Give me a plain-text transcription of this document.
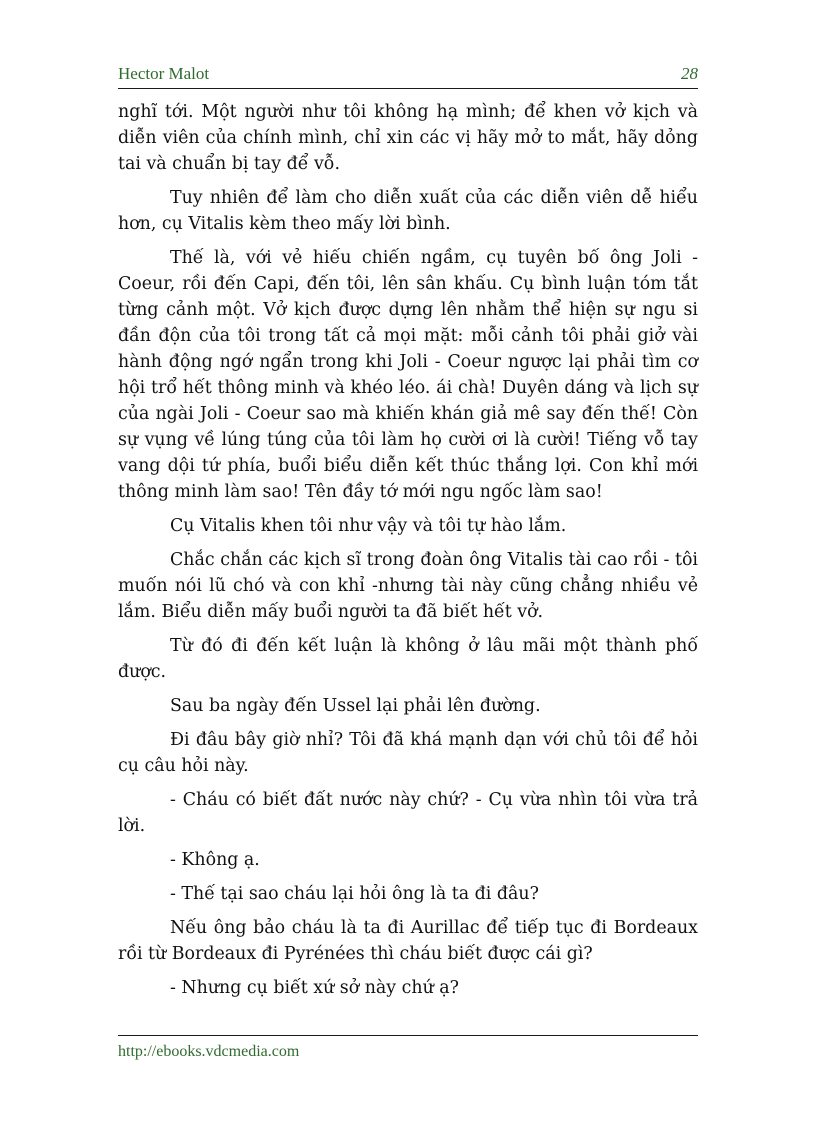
Hector Malot	28

nghĩ tới. Một người như tôi không hạ mình; để khen vở kịch và diễn viên của chính mình, chỉ xin các vị hãy mở to mắt, hãy dỏng tai và chuẩn bị tay để vỗ.

Tuy nhiên để làm cho diễn xuất của các diễn viên dễ hiểu hơn, cụ Vitalis kèm theo mấy lời bình.

Thế là, với vẻ hiếu chiến ngầm, cụ tuyên bố ông Joli - Coeur, rồi đến Capi, đến tôi, lên sân khấu. Cụ bình luận tóm tắt từng cảnh một. Vở kịch được dựng lên nhằm thể hiện sự ngu si đần độn của tôi trong tất cả mọi mặt: mỗi cảnh tôi phải giở vài hành động ngớ ngẩn trong khi Joli - Coeur ngược lại phải tìm cơ hội trổ hết thông minh và khéo léo. ái chà! Duyên dáng và lịch sự của ngài Joli - Coeur sao mà khiến khán giả mê say đến thế! Còn sự vụng về lúng túng của tôi làm họ cười ơi là cười! Tiếng vỗ tay vang dội tứ phía, buổi biểu diễn kết thúc thắng lợi. Con khỉ mới thông minh làm sao! Tên đầy tớ mới ngu ngốc làm sao!

Cụ Vitalis khen tôi như vậy và tôi tự hào lắm.

Chắc chắn các kịch sĩ trong đoàn ông Vitalis tài cao rồi - tôi muốn nói lũ chó và con khỉ -nhưng tài này cũng chẳng nhiều vẻ lắm. Biểu diễn mấy buổi người ta đã biết hết vở.

Từ đó đi đến kết luận là không ở lâu mãi một thành phố được.

Sau ba ngày đến Ussel lại phải lên đường.

Đi đâu bây giờ nhỉ? Tôi đã khá mạnh dạn với chủ tôi để hỏi cụ câu hỏi này.

- Cháu có biết đất nước này chứ? - Cụ vừa nhìn tôi vừa trả lời.

- Không ạ.

- Thế tại sao cháu lại hỏi ông là ta đi đâu?

Nếu ông bảo cháu là ta đi Aurillac để tiếp tục đi Bordeaux rồi từ Bordeaux đi Pyrénées thì cháu biết được cái gì?

- Nhưng cụ biết xứ sở này chứ ạ?

http://ebooks.vdcmedia.com
